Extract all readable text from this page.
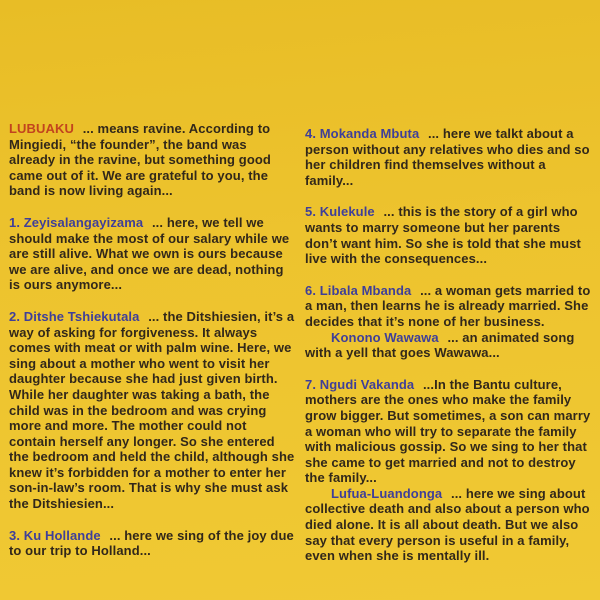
LUBUAKU ... means ravine. According to Mingiedi, “the founder”, the band was already in the ravine, but something good came out of it. We are grateful to you, the band is now living again...

1. Zeyisalangayizama ... here, we tell we should make the most of our salary while we are still alive. What we own is ours because we are alive, and once we are dead, nothing is ours anymore...

2. Ditshe Tshiekutala ... the Ditshiesien, it’s a way of asking for forgiveness. It always comes with meat or with palm wine. Here, we sing about a mother who went to visit her daughter because she had just given birth. While her daughter was taking a bath, the child was in the bedroom and was crying more and more. The mother could not contain herself any longer. So she entered the bedroom and held the child, although she knew it’s forbidden for a mother to enter her son-in-law’s room. That is why she must ask the Ditshiesien...

3. Ku Hollande ... here we sing of the joy due to our trip to Holland...

4. Mokanda Mbuta ... here we talkt about a person without any relatives who dies and so her children find themselves without a family...

5. Kulekule ... this is the story of a girl who wants to marry someone but her parents don’t want him. So she is told that she must live with the consequences...

6. Libala Mbanda ... a woman gets married to a man, then learns he is already married. She decides that it’s none of her business.

Konono Wawawa ... an animated song with a yell that goes Wawawa...

7. Ngudi Vakanda ...In the Bantu culture, mothers are the ones who make the family grow bigger. But sometimes, a son can marry a woman who will try to separate the family with malicious gossip. So we sing to her that she came to get married and not to destroy the family...

Lufua-Luandonga ... here we sing about collective death and also about a person who died alone. It is all about death. But we also say that every person is useful in a family, even when she is mentally ill.
